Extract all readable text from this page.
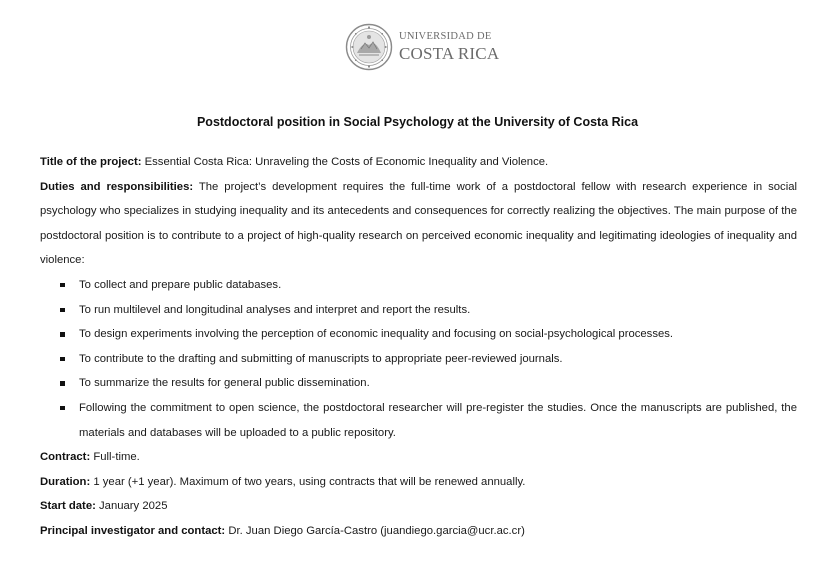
UNIVERSIDAD DE
COSTA RICA
Postdoctoral position in Social Psychology at the University of Costa Rica

Title of the project: Essential Costa Rica: Unraveling the Costs of Economic Inequality and Violence.

Duties and responsibilities: The project’s development requires the full-time work of a postdoctoral fellow with research experience in social psychology who specializes in studying inequality and its antecedents and consequences for correctly realizing the objectives. The main purpose of the postdoctoral position is to contribute to a project of high-quality research on perceived economic inequality and legitimating ideologies of inequality and violence:

To collect and prepare public databases.
To run multilevel and longitudinal analyses and interpret and report the results.
To design experiments involving the perception of economic inequality and focusing on social-psychological processes.
To contribute to the drafting and submitting of manuscripts to appropriate peer-reviewed journals.
To summarize the results for general public dissemination.
Following the commitment to open science, the postdoctoral researcher will pre-register the studies. Once the manuscripts are published, the materials and databases will be uploaded to a public repository.

Contract: Full-time.

Duration: 1 year (+1 year). Maximum of two years, using contracts that will be renewed annually.

Start date: January 2025

Principal investigator and contact: Dr. Juan Diego García-Castro (juandiego.garcia@ucr.ac.cr)
